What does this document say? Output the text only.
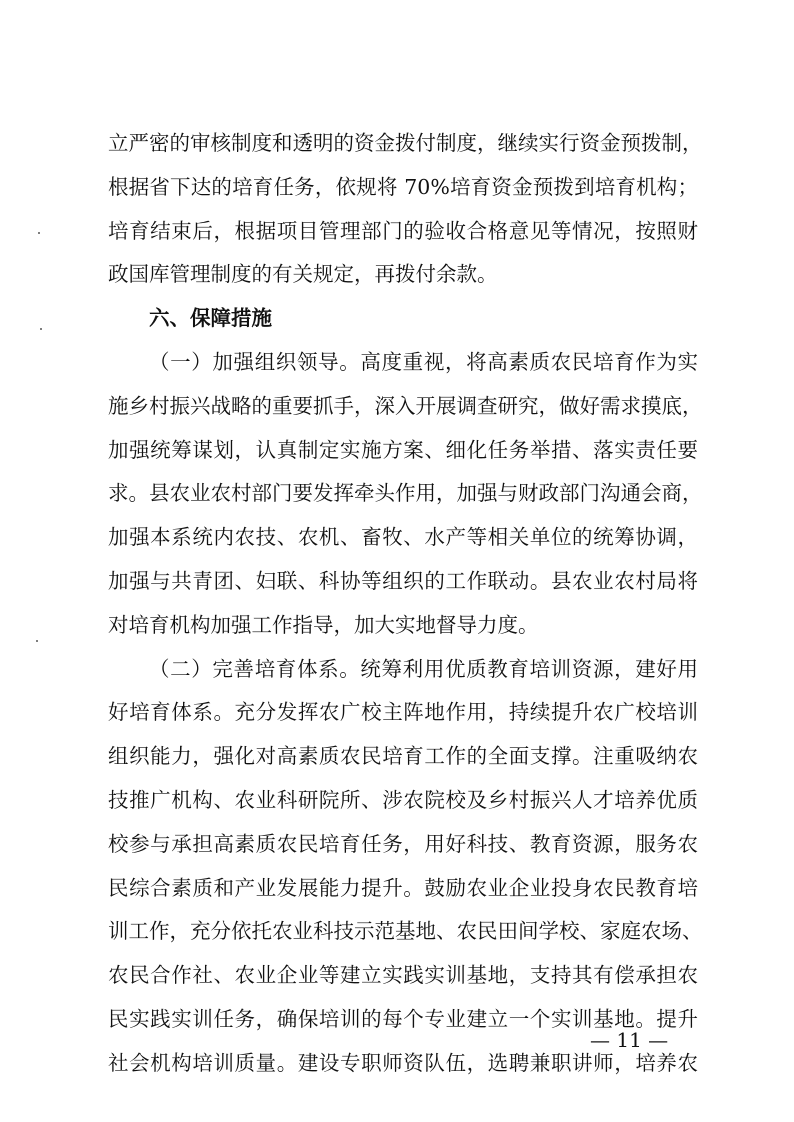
立严密的审核制度和透明的资金拨付制度，继续实行资金预拨制，
根据省下达的培育任务，依规将 70%培育资金预拨到培育机构；
培育结束后，根据项目管理部门的验收合格意见等情况，按照财
政国库管理制度的有关规定，再拨付余款。
六、保障措施
（一）加强组织领导。高度重视，将高素质农民培育作为实
施乡村振兴战略的重要抓手，深入开展调查研究，做好需求摸底，
加强统筹谋划，认真制定实施方案、细化任务举措、落实责任要
求。县农业农村部门要发挥牵头作用，加强与财政部门沟通会商，
加强本系统内农技、农机、畜牧、水产等相关单位的统筹协调，
加强与共青团、妇联、科协等组织的工作联动。县农业农村局将
对培育机构加强工作指导，加大实地督导力度。
（二）完善培育体系。统筹利用优质教育培训资源，建好用
好培育体系。充分发挥农广校主阵地作用，持续提升农广校培训
组织能力，强化对高素质农民培育工作的全面支撑。注重吸纳农
技推广机构、农业科研院所、涉农院校及乡村振兴人才培养优质
校参与承担高素质农民培育任务，用好科技、教育资源，服务农
民综合素质和产业发展能力提升。鼓励农业企业投身农民教育培
训工作，充分依托农业科技示范基地、农民田间学校、家庭农场、
农民合作社、农业企业等建立实践实训基地，支持其有偿承担农
民实践实训任务，确保培训的每个专业建立一个实训基地。提升
社会机构培训质量。建设专职师资队伍，选聘兼职讲师，培养农
— 11 —
